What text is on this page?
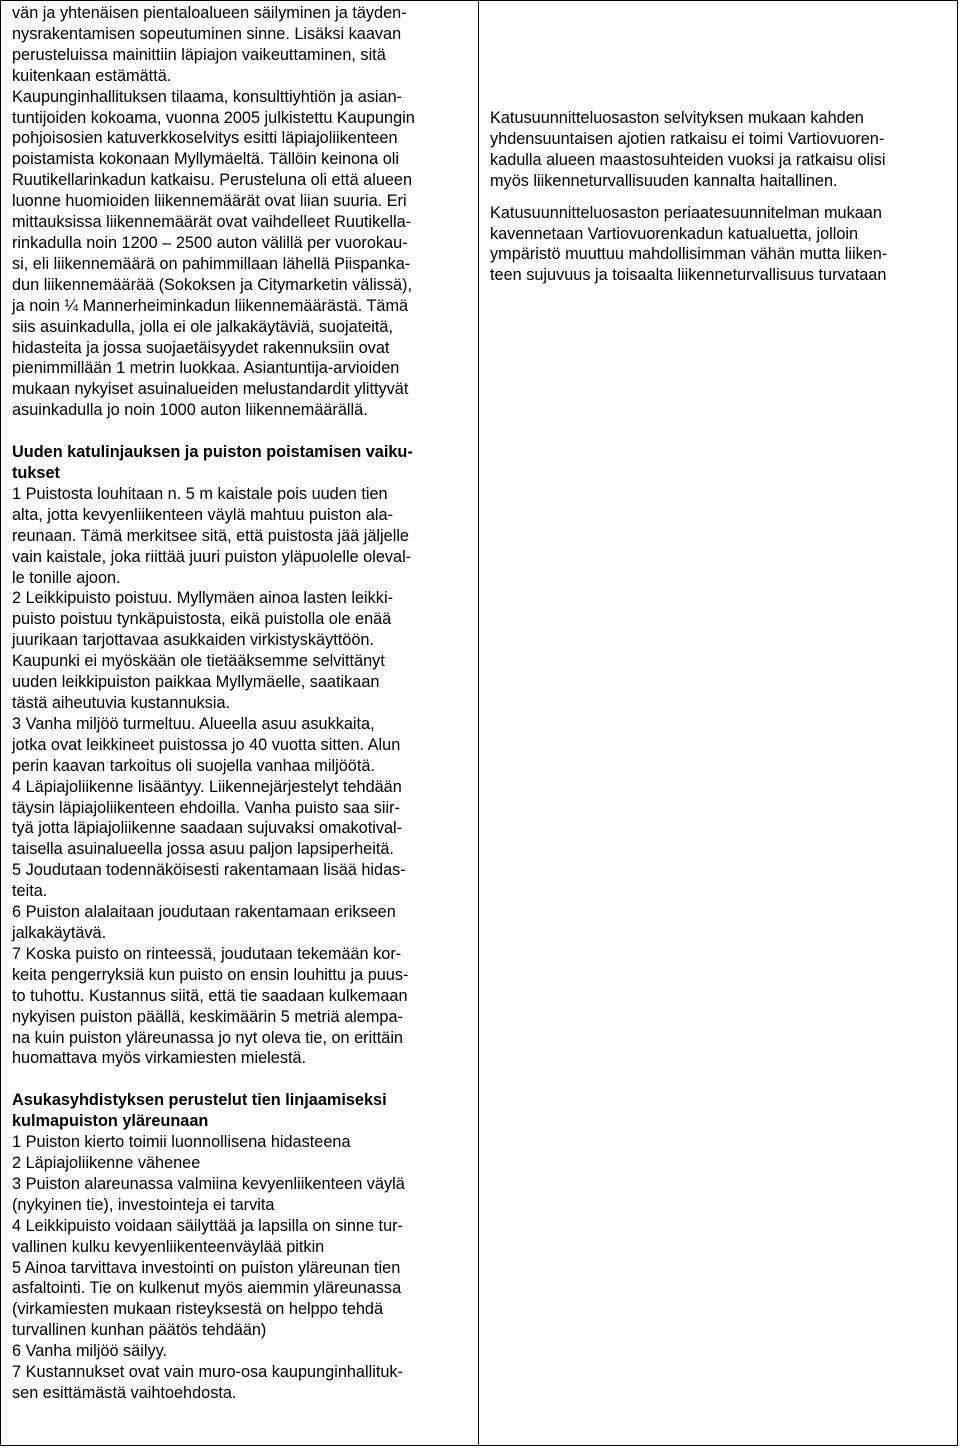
vän ja yhtenäisen pientaloalueen säilyminen ja täyden-
nysrakentamisen sopeutuminen sinne. Lisäksi kaavan
perusteluissa mainittiin läpiajon vaikeuttaminen, sitä
kuitenkaan estämättä.
Kaupunginhallituksen tilaama, konsulttiyhtiön ja asian-
tuntijoiden kokoama, vuonna 2005 julkistettu Kaupungin
pohjoisosien katuverkkoselvitys esitti läpiajoliikenteen
poistamista kokonaan Myllymäeltä. Tällöin keinona oli
Ruutikellarinkadun katkaisu. Perusteluna oli että alueen
luonne huomioiden liikennemäärät ovat liian suuria. Eri
mittauksissa liikennemäärät ovat vaihdelleet Ruutikella-
rinkadulla noin 1200 – 2500 auton välillä per vuorokau-
si, eli liikennemäärä on pahimmillaan lähellä Piispanka-
dun liikennemäärää (Sokoksen ja Citymarketin välissä),
ja noin ¼ Mannerheiminkadun liikennemäärästä. Tämä
siis asuinkadulla, jolla ei ole jalkakäytäviä, suojateitä,
hidasteita ja jossa suojaetäisyydet rakennuksiin ovat
pienimmillään 1 metrin luokkaa. Asiantuntija-arvioiden
mukaan nykyiset asuinalueiden melustandardit ylittyvät
asuinkadulla jo noin 1000 auton liikennemäärällä.

Uuden katulinjauksen ja puiston poistamisen vaiku-
tukset

1 Puistosta louhitaan n. 5 m kaistale pois uuden tien
alta, jotta kevyenliikenteen väylä mahtuu puiston ala-
reunaan. Tämä merkitsee sitä, että puistosta jää jäljelle
vain kaistale, joka riittää juuri puiston yläpuolelle oleval-
le tonille ajoon.

2 Leikkipuisto poistuu. Myllymäen ainoa lasten leikki-
puisto poistuu tynkäpuistosta, eikä puistolla ole enää
juurikaan tarjottavaa asukkaiden virkistyskäyttöön.
Kaupunki ei myöskään ole tietääksemme selvittänyt
uuden leikkipuiston paikkaa Myllymäelle, saatikaan
tästä aiheutuvia kustannuksia.

3 Vanha miljöö turmeltuu. Alueella asuu asukkaita,
jotka ovat leikkineet puistossa jo 40 vuotta sitten. Alun
perin kaavan tarkoitus oli suojella vanhaa miljöötä.

4 Läpiajoliikenne lisääntyy. Liikennejärjestelyt tehdään
täysin läpiajoliikenteen ehdoilla. Vanha puisto saa siir-
tyä jotta läpiajoliikenne saadaan sujuvaksi omakotival-
taisella asuinalueella jossa asuu paljon lapsiperheitä.

5 Joudutaan todennäköisesti rakentamaan lisää hidas-
teita.

6 Puiston alalaitaan joudutaan rakentamaan erikseen
jalkakäytävä.

7 Koska puisto on rinteessä, joudutaan tekemään kor-
keita pengerryksiä kun puisto on ensin louhittu ja puus-
to tuhottu. Kustannus siitä, että tie saadaan kulkemaan
nykyisen puiston päällä, keskimäärin 5 metriä alempa-
na kuin puiston yläreunassa jo nyt oleva tie, on erittäin
huomattava myös virkamiesten mielestä.

Asukasyhdistyksen perustelut tien linjaamiseksi
kulmapuiston yläreunaan

1 Puiston kierto toimii luonnollisena hidasteena

2 Läpiajoliikenne vähenee

3 Puiston alareunassa valmiina kevyenliikenteen väylä
(nykyinen tie), investointeja ei tarvita

4 Leikkipuisto voidaan säilyttää ja lapsilla on sinne tur-
vallinen kulku kevyenliikenteenväylää pitkin

5 Ainoa tarvittava investointi on puiston yläreunan tien
asfaltointi. Tie on kulkenut myös aiemmin yläreunassa
(virkamiesten mukaan risteyksestä on helppo tehdä
turvallinen kunhan päätös tehdään)

6 Vanha miljöö säilyy.

7 Kustannukset ovat vain muro-osa kaupunginhallituk-
sen esittämästä vaihtoehdosta.

Katusuunnitteluosaston selvityksen mukaan kahden
yhdensuuntaisen ajotien ratkaisu ei toimi Vartiovuoren-
kadulla alueen maastosuhteiden vuoksi ja ratkaisu olisi
myös liikenneturvallisuuden kannalta haitallinen.

Katusuunnitteluosaston periaatesuunnitelman mukaan
kavennetaan Vartiovuorenkadun katualuetta, jolloin
ympäristö muuttuu mahdollisimman vähän mutta liiken-
teen sujuvuus ja toisaalta liikenneturvallisuus turvataan
